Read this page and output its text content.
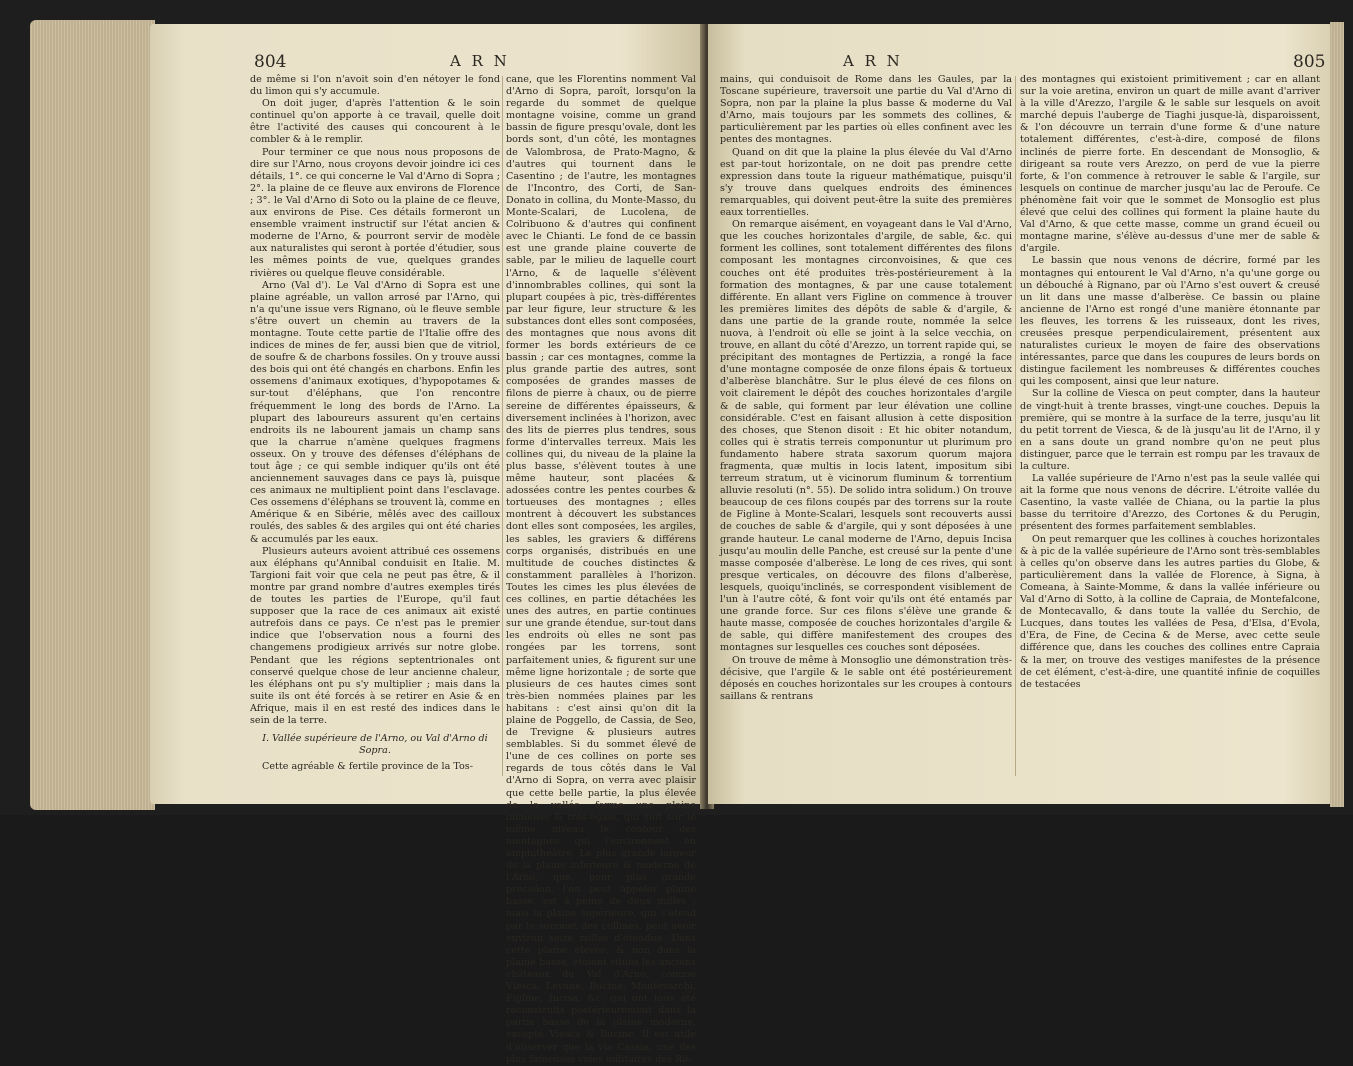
804	A R N

de même si l'on n'avoit soin d'en nétoyer le fond du limon qui s'y accumule.

On doit juger, d'après l'attention & le soin continuel qu'on apporte à ce travail, quelle doit être l'activité des causes qui concourent à le combler & à le remplir.

Pour terminer ce que nous nous proposons de dire sur l'Arno, nous croyons devoir joindre ici ces détails, 1°. ce qui concerne le Val d'Arno di Sopra ; 2°. la plaine de ce fleuve aux environs de Florence ; 3°. le Val d'Arno di Soto ou la plaine de ce fleuve, aux environs de Pise. Ces détails formeront un ensemble vraiment instructif sur l'état ancien & moderne de l'Arno, & pourront servir de modèle aux naturalistes qui seront à portée d'étudier, sous les mêmes points de vue, quelques grandes rivières ou quelque fleuve considérable.

Arno (Val d'). Le Val d'Arno di Sopra est une plaine agréable, un vallon arrosé par l'Arno, qui n'a qu'une issue vers Rignano, où le fleuve semble s'être ouvert un chemin au travers de la montagne. Toute cette partie de l'Italie offre des indices de mines de fer, aussi bien que de vitriol, de soufre & de charbons fossiles. On y trouve aussi des bois qui ont été changés en charbons. Enfin les ossemens d'animaux exotiques, d'hypopotames & sur-tout d'éléphans, que l'on rencontre fréquemment le long des bords de l'Arno. La plupart des laboureurs assurent qu'en certains endroits ils ne labourent jamais un champ sans que la charrue n'amène quelques fragmens osseux. On y trouve des défenses d'éléphans de tout âge ; ce qui semble indiquer qu'ils ont été anciennement sauvages dans ce pays là, puisque ces animaux ne multiplient point dans l'esclavage. Ces ossemens d'éléphans se trouvent là, comme en Amérique & en Sibérie, mêlés avec des cailloux roulés, des sables & des argiles qui ont été charies & accumulés par les eaux.

Plusieurs auteurs avoient attribué ces ossemens aux éléphans qu'Annibal conduisit en Italie. M. Targioni fait voir que cela ne peut pas être, & il montre par grand nombre d'autres exemples tirés de toutes les parties de l'Europe, qu'il faut supposer que la race de ces animaux ait existé autrefois dans ce pays. Ce n'est pas le premier indice que l'observation nous a fourni des changemens prodigieux arrivés sur notre globe. Pendant que les régions septentrionales ont conservé quelque chose de leur ancienne chaleur, les éléphans ont pu s'y multiplier ; mais dans la suite ils ont été forcés à se retirer en Asie & en Afrique, mais il en est resté des indices dans le sein de la terre.

I. Vallée supérieure de l'Arno, ou Val d'Arno di Sopra.

Cette agréable & fertile province de la Tos-

cane, que les Florentins nomment Val d'Arno di Sopra, paroît, lorsqu'on la regarde du sommet de quelque montagne voisine, comme un grand bassin de figure presqu'ovale, dont les bords sont, d'un côté, les montagnes de Valombrosa, de Prato-Magno, & d'autres qui tournent dans le Casentino ; de l'autre, les montagnes de l'Incontro, des Corti, de San-Donato in collina, du Monte-Masso, du Monte-Scalari, de Lucolena, de Colribuono & d'autres qui confinent avec le Chianti. Le fond de ce bassin est une grande plaine couverte de sable, par le milieu de laquelle court l'Arno, & de laquelle s'élèvent d'innombrables collines, qui sont la plupart coupées à pic, très-différentes par leur figure, leur structure & les substances dont elles sont composées, des montagnes que nous avons dit former les bords extérieurs de ce bassin ; car ces montagnes, comme la plus grande partie des autres, sont composées de grandes masses de filons de pierre à chaux, ou de pierre sereine de différentes épaisseurs, & diversement inclinées à l'horizon, avec des lits de pierres plus tendres, sous forme d'intervalles terreux. Mais les collines qui, du niveau de la plaine la plus basse, s'élèvent toutes à une même hauteur, sont placées & adossées contre les pentes courbes & tortueuses des montagnes ; elles montrent à découvert les substances dont elles sont composées, les argiles, les sables, les graviers & différens corps organisés, distribués en une multitude de couches distinctes & constamment parallèles à l'horizon. Toutes les cimes les plus élevées de ces collines, en partie détachées les unes des autres, en partie continues sur une grande étendue, sur-tout dans les endroits où elles ne sont pas rongées par les torrens, sont parfaitement unies, & figurent sur une même ligne horizontale ; de sorte que plusieurs de ces hautes cimes sont très-bien nommées plaines par les habitans : c'est ainsi qu'on dit la plaine de Poggello, de Cassia, de Seo, de Trevigne & plusieurs autres semblables. Si du sommet élevé de l'une de ces collines on porte ses regards de tous côtés dans le Val d'Arno di Sopra, on verra avec plaisir que cette belle partie, la plus élevée de la vallée, forme une plaine immense & très-égale, qui suit sur le même niveau le contour des montagnes qui l'environnent en amphithéâtre. La plus grande largeur de la plaine inférieure & moderne de l'Arno, que, pour plus grande précision, l'on peut appeler plaine basse, est à peine de deux milles ; mais la plaine supérieure, qui s'étend par le sommet des collines, peut avoir environ seize milles d'étendue. Dans cette plaine élevée, & non dans la plaine basse, étoient situés les anciens châteaux du Val d'Arno, comme Viesca, Levane, Bucine, Montevarchi, Figline, Incisa, &c. qui ont tous été reconstruits postérieurement dans la partie basse de la plaine moderne, excepté Viesca & Bucine. Il est utile d'observer que la via Cassia, une des plus fameuses voies militaires des Ro-

A R N	805

mains, qui conduisoit de Rome dans les Gaules, par la Toscane supérieure, traversoit une partie du Val d'Arno di Sopra, non par la plaine la plus basse & moderne du Val d'Arno, mais toujours par les sommets des collines, & particulièrement par les parties où elles confinent avec les pentes des montagnes.

Quand on dit que la plaine la plus élevée du Val d'Arno est par-tout horizontale, on ne doit pas prendre cette expression dans toute la rigueur mathématique, puisqu'il s'y trouve dans quelques endroits des éminences remarquables, qui doivent peut-être la suite des premières eaux torrentielles.

On remarque aisément, en voyageant dans le Val d'Arno, que les couches horizontales d'argile, de sable, &c. qui forment les collines, sont totalement différentes des filons composant les montagnes circonvoisines, & que ces couches ont été produites très-postérieurement à la formation des montagnes, & par une cause totalement différente. En allant vers Figline on commence à trouver les premières limites des dépôts de sable & d'argile, & dans une partie de la grande route, nommée la selce nuova, à l'endroit où elle se joint à la selce vecchia, on trouve, en allant du côté d'Arezzo, un torrent rapide qui, se précipitant des montagnes de Pertizzia, a rongé la face d'une montagne composée de onze filons épais & tortueux d'alberèse blanchâtre. Sur le plus élevé de ces filons on voit clairement le dépôt des couches horizontales d'argile & de sable, qui forment par leur élévation une colline considérable. C'est en faisant allusion à cette disposition des choses, que Stenon disoit : Et hic obiter notandum, colles qui è stratis terreis componuntur ut plurimum pro fundamento habere strata saxorum quorum majora fragmenta, quæ multis in locis latent, impositum sibi terreum stratum, ut è vicinorum fluminum & torrentium alluvie resoluti (n°. 55). De solido intra solidum.) On trouve beaucoup de ces filons coupés par des torrens sur la route de Figline à Monte-Scalari, lesquels sont recouverts aussi de couches de sable & d'argile, qui y sont déposées à une grande hauteur. Le canal moderne de l'Arno, depuis Incisa jusqu'au moulin delle Panche, est creusé sur la pente d'une masse composée d'alberèse. Le long de ces rives, qui sont presque verticales, on découvre des filons d'alberèse, lesquels, quoiqu'inclinés, se correspondent visiblement de l'un à l'autre côté, & font voir qu'ils ont été entamés par une grande force. Sur ces filons s'élève une grande & haute masse, composée de couches horizontales d'argile & de sable, qui diffère manifestement des croupes des montagnes sur lesquelles ces couches sont déposées.

On trouve de même à Monsoglio une démonstration très-décisive, que l'argile & le sable ont été postérieurement déposés en couches horizontales sur les croupes à contours saillans & rentrans

des montagnes qui existoient primitivement ; car en allant sur la voie aretina, environ un quart de mille avant d'arriver à la ville d'Arezzo, l'argile & le sable sur lesquels on avoit marché depuis l'auberge de Tiaghi jusque-là, disparoissent, & l'on découvre un terrain d'une forme & d'une nature totalement différentes, c'est-à-dire, composé de filons inclinés de pierre forte. En descendant de Monsoglio, & dirigeant sa route vers Arezzo, on perd de vue la pierre forte, & l'on commence à retrouver le sable & l'argile, sur lesquels on continue de marcher jusqu'au lac de Peroufe. Ce phénomène fait voir que le sommet de Monsoglio est plus élevé que celui des collines qui forment la plaine haute du Val d'Arno, & que cette masse, comme un grand écueil ou montagne marine, s'élève au-dessus d'une mer de sable & d'argile.

Le bassin que nous venons de décrire, formé par les montagnes qui entourent le Val d'Arno, n'a qu'une gorge ou un débouché à Rignano, par où l'Arno s'est ouvert & creusé un lit dans une masse d'alberèse. Ce bassin ou plaine ancienne de l'Arno est rongé d'une manière étonnante par les fleuves, les torrens & les ruisseaux, dont les rives, creusées presque perpendiculairement, présentent aux naturalistes curieux le moyen de faire des observations intéressantes, parce que dans les coupures de leurs bords on distingue facilement les nombreuses & différentes couches qui les composent, ainsi que leur nature.

Sur la colline de Viesca on peut compter, dans la hauteur de vingt-huit à trente brasses, vingt-une couches. Depuis la première, qui se montre à la surface de la terre, jusqu'au lit du petit torrent de Viesca, & de là jusqu'au lit de l'Arno, il y en a sans doute un grand nombre qu'on ne peut plus distinguer, parce que le terrain est rompu par les travaux de la culture.

La vallée supérieure de l'Arno n'est pas la seule vallée qui ait la forme que nous venons de décrire. L'étroite vallée du Casentino, la vaste vallée de Chiana, ou la partie la plus basse du territoire d'Arezzo, des Cortones & du Perugin, présentent des formes parfaitement semblables.

On peut remarquer que les collines à couches horizontales & à pic de la vallée supérieure de l'Arno sont très-semblables à celles qu'on observe dans les autres parties du Globe, & particulièrement dans la vallée de Florence, à Signa, à Comeana, à Sainte-Momme, & dans la vallée inférieure ou Val d'Arno di Sotto, à la colline de Capraia, de Montefalcone, de Montecavallo, & dans toute la vallée du Serchio, de Lucques, dans toutes les vallées de Pesa, d'Elsa, d'Evola, d'Era, de Fine, de Cecina & de Merse, avec cette seule différence que, dans les couches des collines entre Capraia & la mer, on trouve des vestiges manifestes de la présence de cet élément, c'est-à-dire, une quantité infinie de coquilles de testacées
